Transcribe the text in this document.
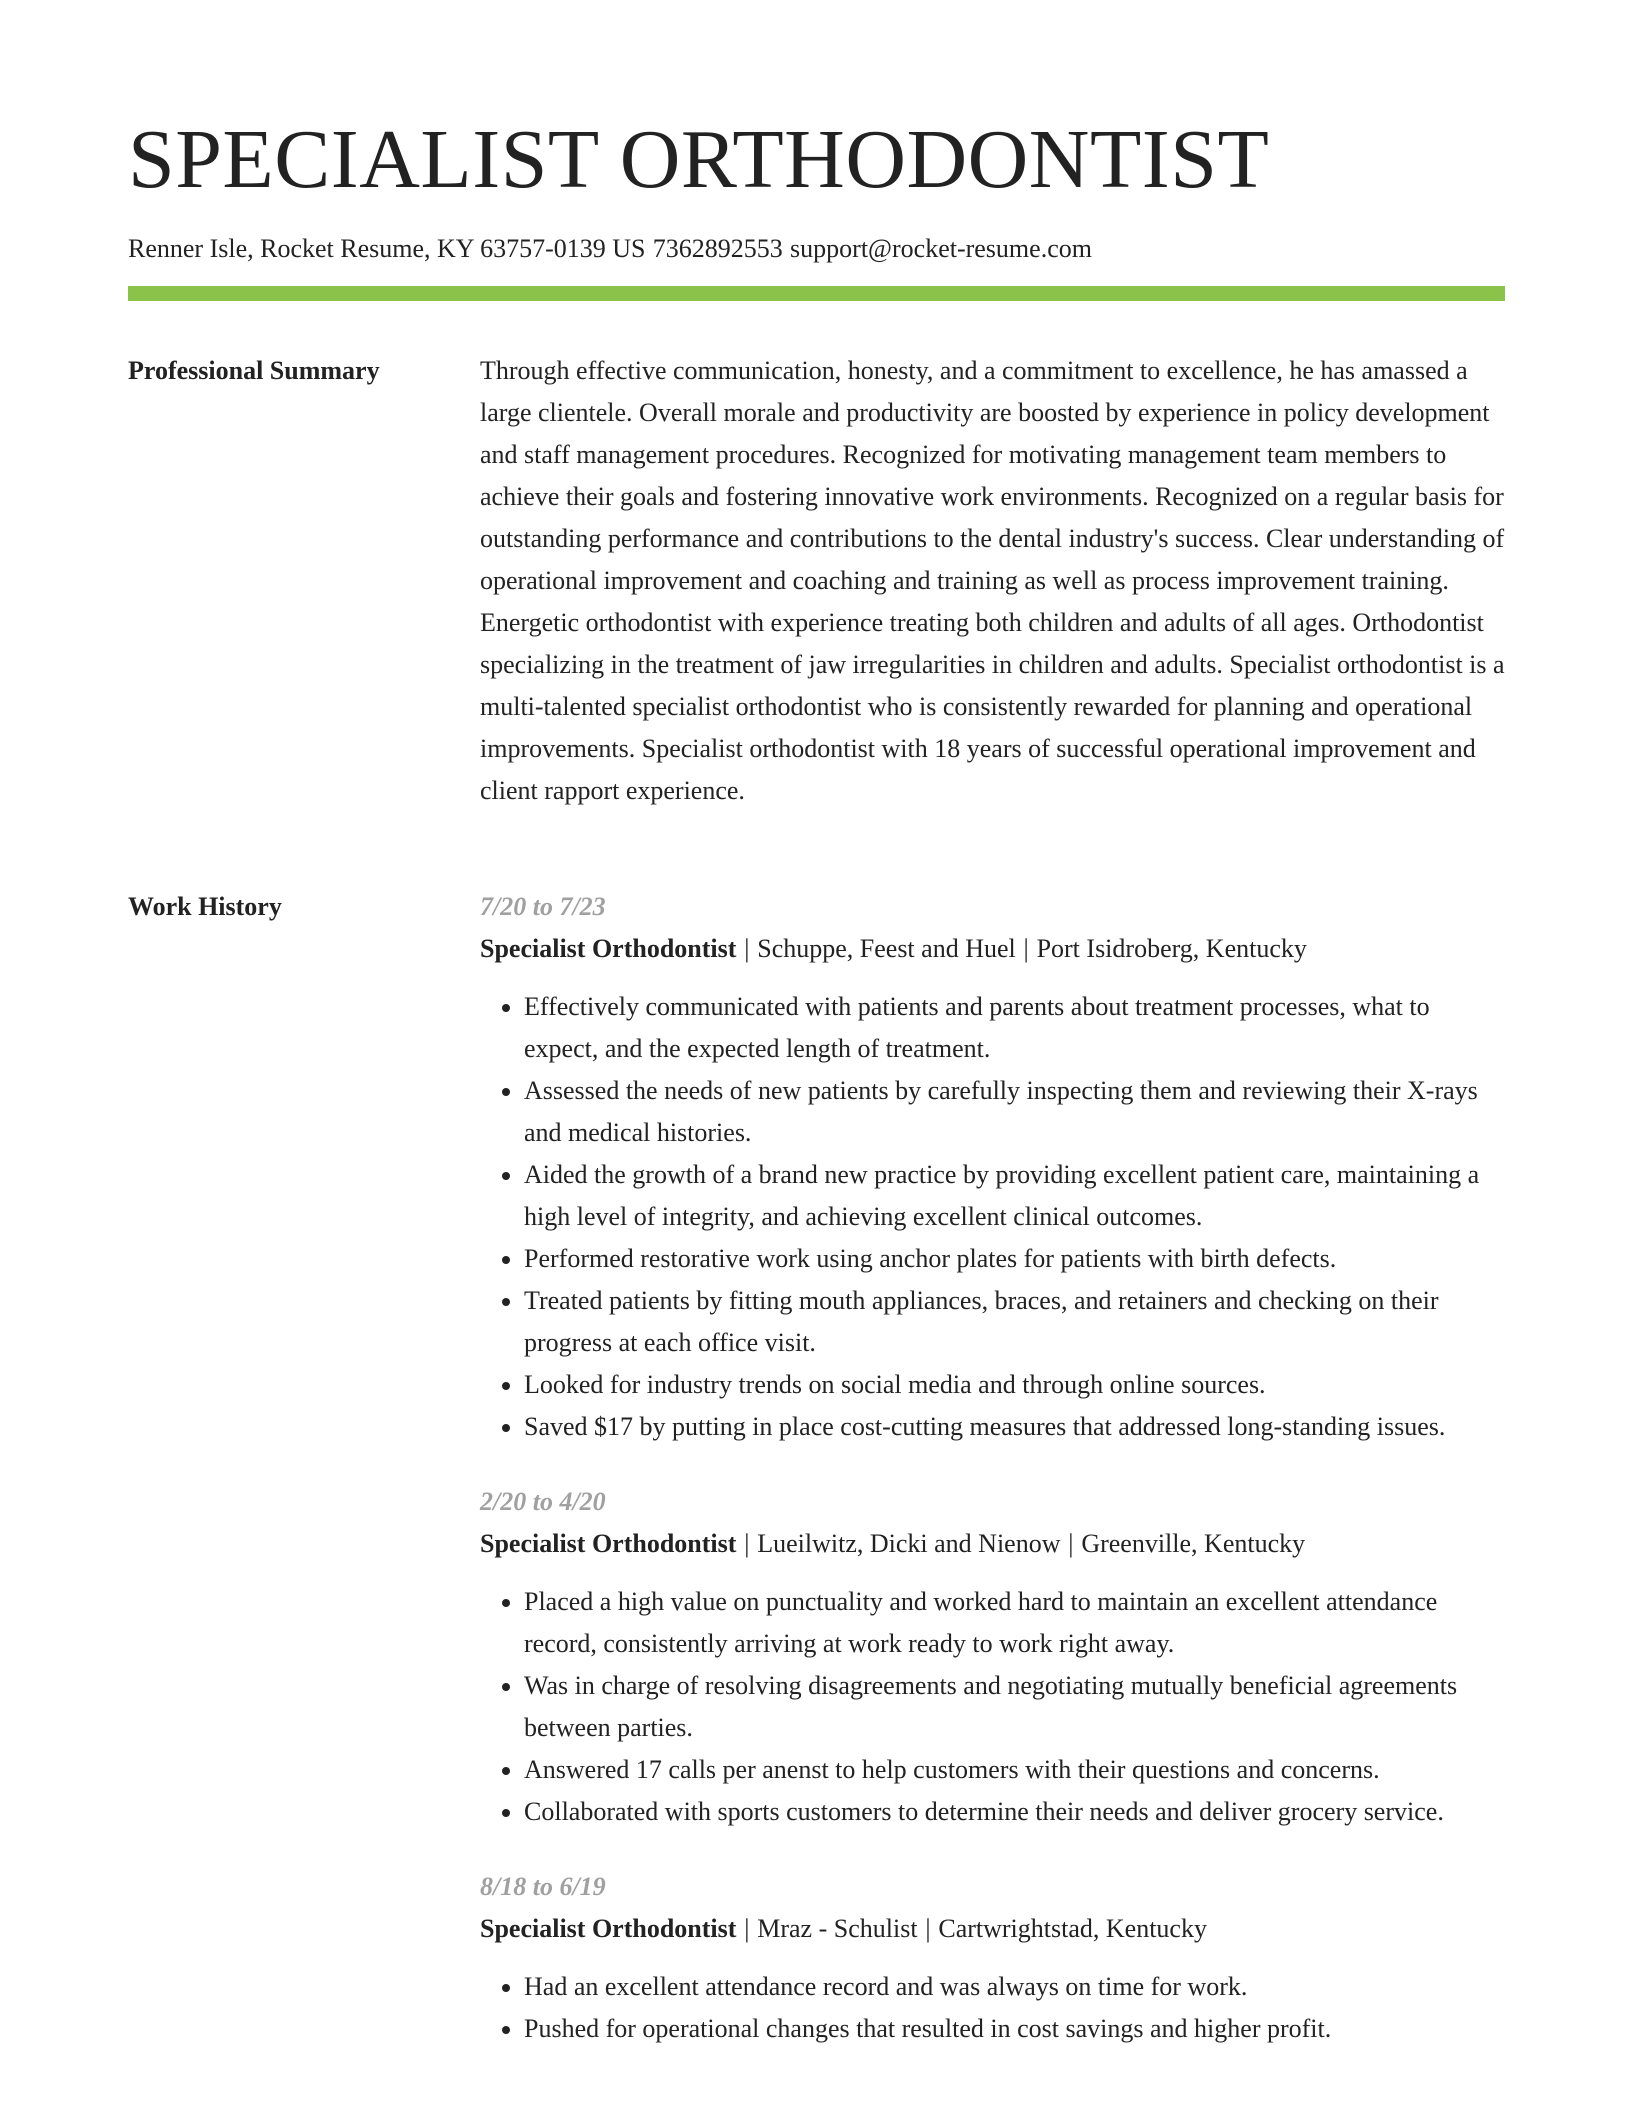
SPECIALIST ORTHODONTIST
Renner Isle, Rocket Resume, KY 63757-0139 US 7362892553 support@rocket-resume.com
Professional Summary	Through effective communication, honesty, and a commitment to excellence, he has amassed a large clientele. Overall morale and productivity are boosted by experience in policy development and staff management procedures. Recognized for motivating management team members to achieve their goals and fostering innovative work environments. Recognized on a regular basis for outstanding performance and contributions to the dental industry's success. Clear understanding of operational improvement and coaching and training as well as process improvement training. Energetic orthodontist with experience treating both children and adults of all ages. Orthodontist specializing in the treatment of jaw irregularities in children and adults. Specialist orthodontist is a multi-talented specialist orthodontist who is consistently rewarded for planning and operational improvements. Specialist orthodontist with 18 years of successful operational improvement and client rapport experience.

Work History	7/20 to 7/23
Specialist Orthodontist | Schuppe, Feest and Huel | Port Isidroberg, Kentucky
• Effectively communicated with patients and parents about treatment processes, what to expect, and the expected length of treatment.
• Assessed the needs of new patients by carefully inspecting them and reviewing their X-rays and medical histories.
• Aided the growth of a brand new practice by providing excellent patient care, maintaining a high level of integrity, and achieving excellent clinical outcomes.
• Performed restorative work using anchor plates for patients with birth defects.
• Treated patients by fitting mouth appliances, braces, and retainers and checking on their progress at each office visit.
• Looked for industry trends on social media and through online sources.
• Saved $17 by putting in place cost-cutting measures that addressed long-standing issues.
2/20 to 4/20
Specialist Orthodontist | Lueilwitz, Dicki and Nienow | Greenville, Kentucky
• Placed a high value on punctuality and worked hard to maintain an excellent attendance record, consistently arriving at work ready to work right away.
• Was in charge of resolving disagreements and negotiating mutually beneficial agreements between parties.
• Answered 17 calls per anenst to help customers with their questions and concerns.
• Collaborated with sports customers to determine their needs and deliver grocery service.
8/18 to 6/19
Specialist Orthodontist | Mraz - Schulist | Cartwrightstad, Kentucky
• Had an excellent attendance record and was always on time for work.
• Pushed for operational changes that resulted in cost savings and higher profit.
